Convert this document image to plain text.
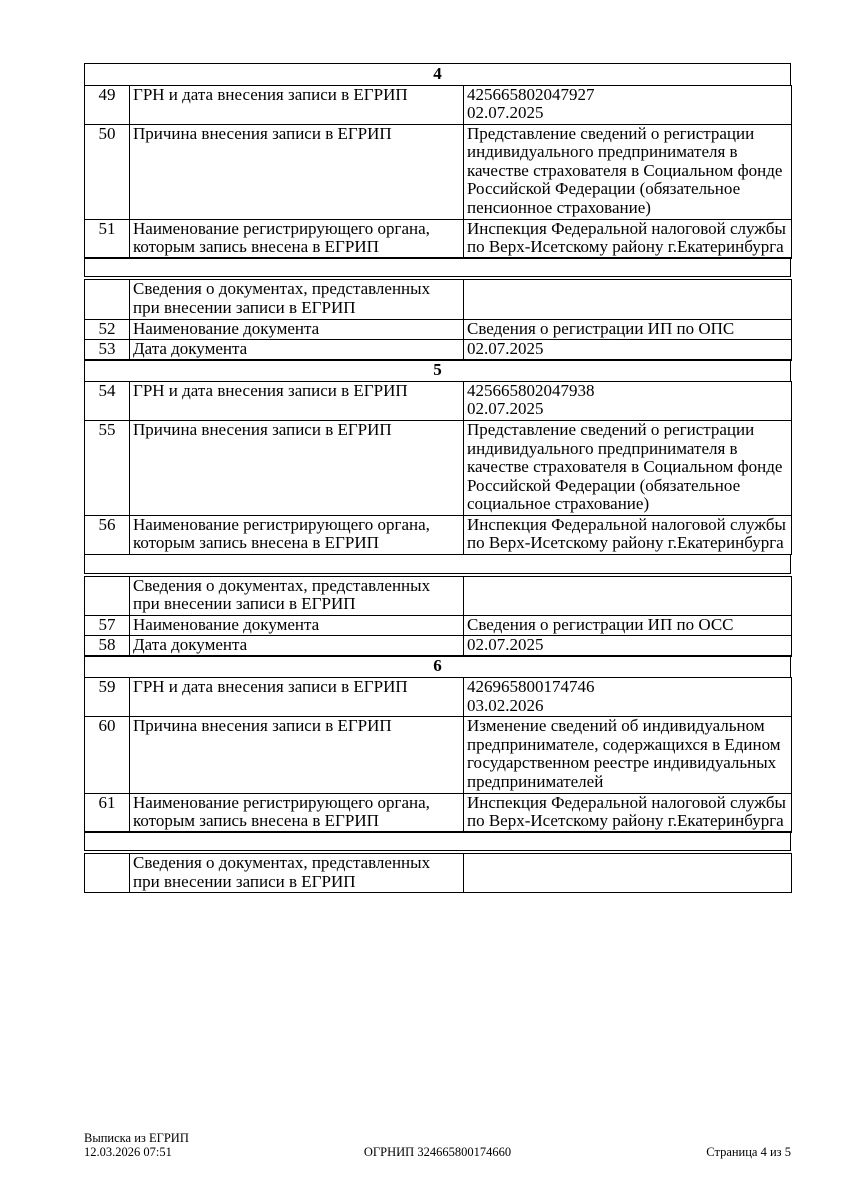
4
49	ГРН и дата внесения записи в ЕГРИП	425665802047927
02.07.2025

50	Причина внесения записи в ЕГРИП	Представление сведений о регистрации индивидуального предпринимателя в качестве страхователя в Социальном фонде Российской Федерации (обязательное пенсионное страхование)
51	Наименование регистрирующего органа, которым запись внесена в ЕГРИП	Инспекция Федеральной налоговой службы по Верх-Исетскому району г.Екатеринбурга
	Сведения о документах, представленных при внесении записи в ЕГРИП	
52	Наименование документа	Сведения о регистрации ИП по ОПС
53	Дата документа	02.07.2025
5
54	ГРН и дата внесения записи в ЕГРИП	425665802047938
02.07.2025

55	Причина внесения записи в ЕГРИП	Представление сведений о регистрации индивидуального предпринимателя в качестве страхователя в Социальном фонде Российской Федерации (обязательное социальное страхование)
56	Наименование регистрирующего органа, которым запись внесена в ЕГРИП	Инспекция Федеральной налоговой службы по Верх-Исетскому району г.Екатеринбурга
	Сведения о документах, представленных при внесении записи в ЕГРИП	
57	Наименование документа	Сведения о регистрации ИП по ОСС
58	Дата документа	02.07.2025
6
59	ГРН и дата внесения записи в ЕГРИП	426965800174746
03.02.2026

60	Причина внесения записи в ЕГРИП	Изменение сведений об индивидуальном предпринимателе, содержащихся в Едином государственном реестре индивидуальных предпринимателей
61	Наименование регистрирующего органа, которым запись внесена в ЕГРИП	Инспекция Федеральной налоговой службы по Верх-Исетскому району г.Екатеринбурга
	Сведения о документах, представленных при внесении записи в ЕГРИП	
ОГРНИП 324665800174660
Выписка из ЕГРИП
12.03.2026 07:51	Страница 4 из 5
